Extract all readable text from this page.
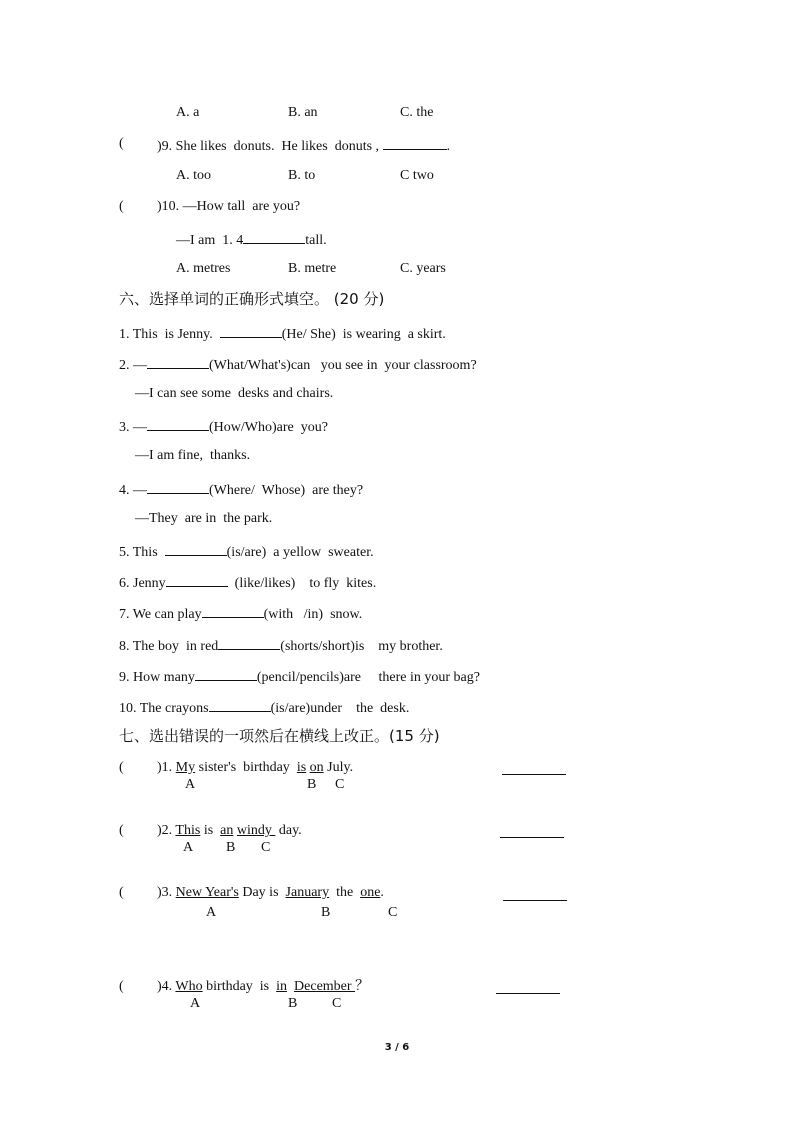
A. a	B. an	C. the
( )9. She likes  donuts.  He likes  donuts ,	.
A. too	B. to	C two
( )10. —How tall  are you?
—I am  1. 4	tall.
A. metres	B. metre	C. years
六、选择单词的正确形式填空。 (20 分)
1. This  is Jenny.	(He/ She)  is wearing  a skirt.
2. —	(What/What's)can   you see in  your classroom?
—I can see some  desks and chairs.
3. —	(How/Who)are  you?
—I am fine,  thanks.
4. —	(Where/  Whose)  are they?
—They  are in  the park.
5. This	(is/are)  a yellow  sweater.
6. Jenny	(like/likes)    to fly  kites.
7. We can play	(with   /in)  snow.
8. The boy  in red	(shorts/short)is    my brother.
9. How many	(pencil/pencils)are     there in your bag?
10. The crayons	(is/are)under    the  desk.
七、选出错误的一项然后在横线上改正。(15 分)
( )1. My sister's  birthday  is on July.
A	B C
( )2. This is  an windy  day.
A B C
( )3. New Year's Day is  January  the  one.
A	B	C
( )4. Who birthday  is  in December ？
A	B C
3 / 6
